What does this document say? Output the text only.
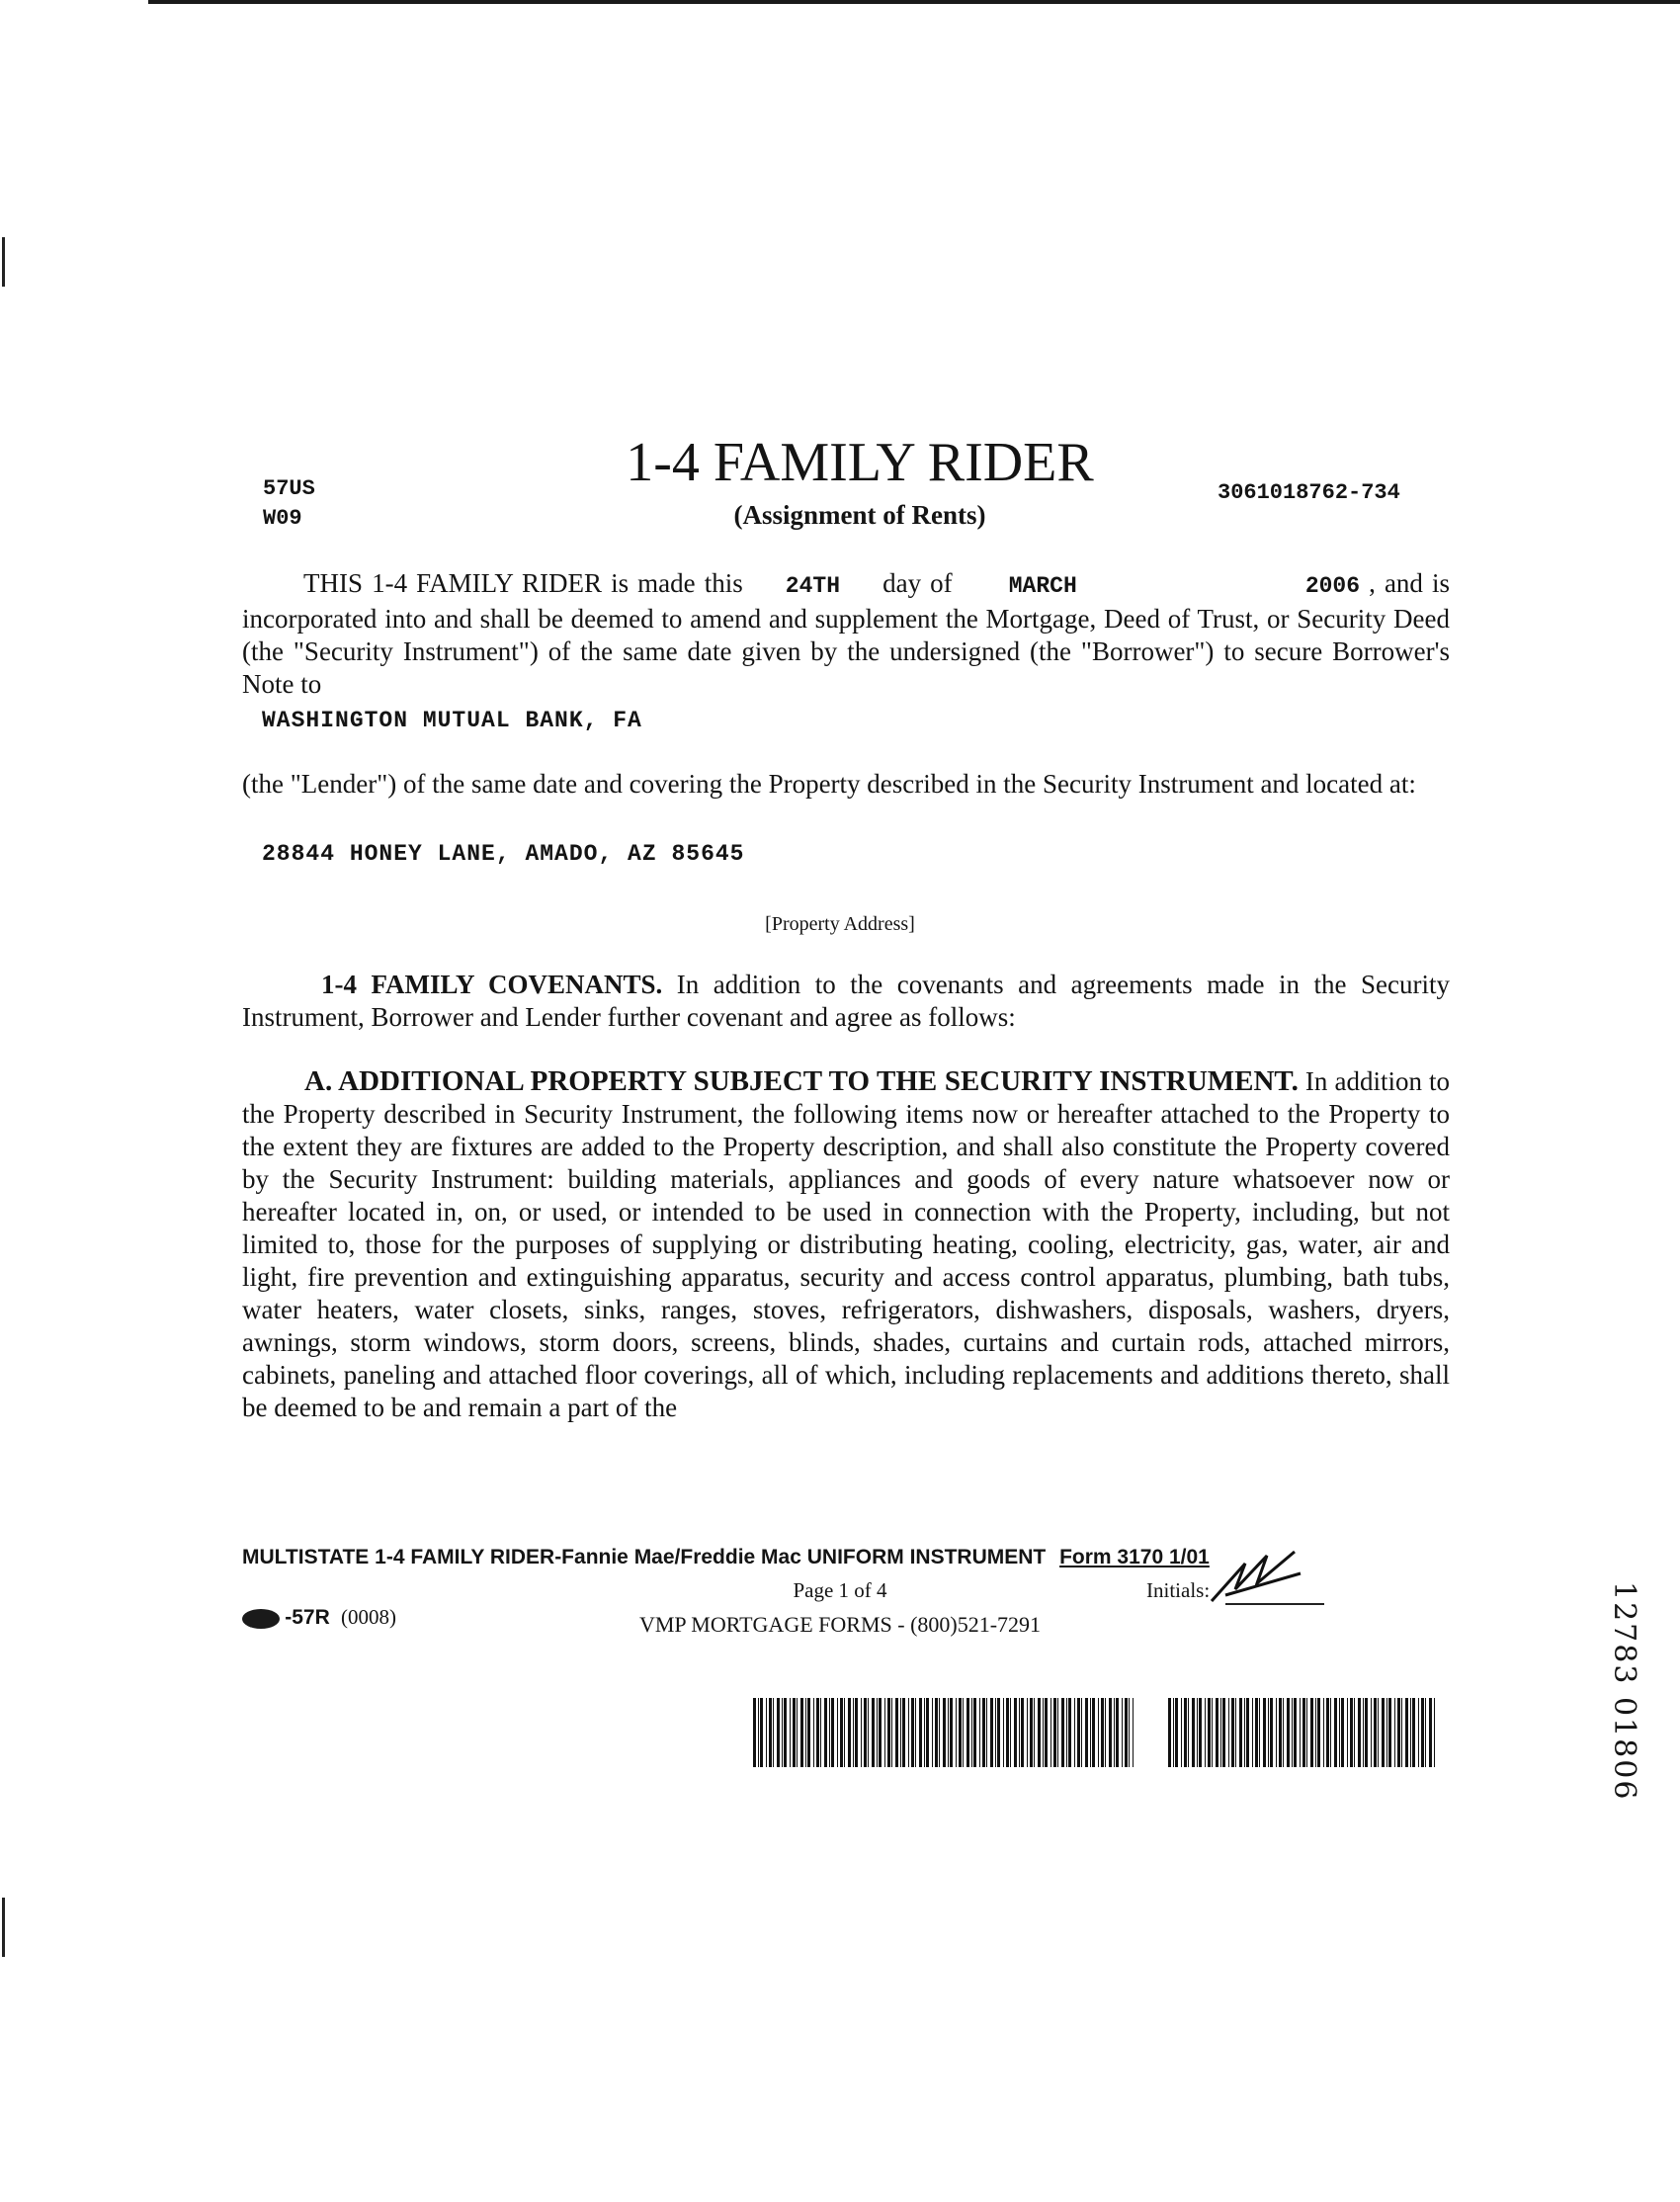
57US
W09
1-4 FAMILY RIDER
(Assignment of Rents)
3061018762-734
THIS 1-4 FAMILY RIDER is made this 24TH day of MARCH	2006 , and is incorporated into and shall be deemed to amend and supplement the Mortgage, Deed of Trust, or Security Deed (the "Security Instrument") of the same date given by the undersigned (the "Borrower") to secure Borrower's Note to
WASHINGTON MUTUAL BANK, FA
(the "Lender") of the same date and covering the Property described in the Security Instrument and located at:
28844 HONEY LANE, AMADO, AZ 85645
[Property Address]
1-4 FAMILY COVENANTS. In addition to the covenants and agreements made in the Security Instrument, Borrower and Lender further covenant and agree as follows:
A. ADDITIONAL PROPERTY SUBJECT TO THE SECURITY INSTRUMENT. In addition to the Property described in Security Instrument, the following items now or hereafter attached to the Property to the extent they are fixtures are added to the Property description, and shall also constitute the Property covered by the Security Instrument: building materials, appliances and goods of every nature whatsoever now or hereafter located in, on, or used, or intended to be used in connection with the Property, including, but not limited to, those for the purposes of supplying or distributing heating, cooling, electricity, gas, water, air and light, fire prevention and extinguishing apparatus, security and access control apparatus, plumbing, bath tubs, water heaters, water closets, sinks, ranges, stoves, refrigerators, dishwashers, disposals, washers, dryers, awnings, storm windows, storm doors, screens, blinds, shades, curtains and curtain rods, attached mirrors, cabinets, paneling and attached floor coverings, all of which, including replacements and additions thereto, shall be deemed to be and remain a part of the
MULTISTATE 1-4 FAMILY RIDER-Fannie Mae/Freddie Mac UNIFORM INSTRUMENT Form 3170 1/01
Page 1 of 4	Initials:
-57R (0008)	VMP MORTGAGE FORMS - (800)521-7291	12783 01806
